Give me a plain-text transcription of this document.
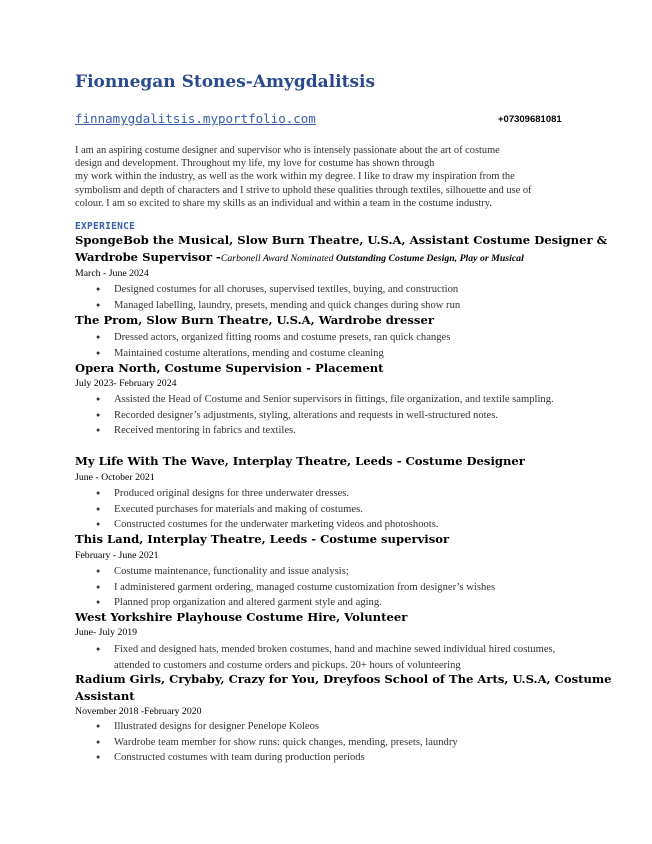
Fionnegan Stones-Amygdalitsis
finnamygdalitsis.myportfolio.com	+07309681081
I am an aspiring costume designer and supervisor who is intensely passionate about the art of costume
design and development. Throughout my life, my love for costume has shown through
my work within the industry, as well as the work within my degree. I like to draw my inspiration from the
symbolism and depth of characters and I strive to uphold these qualities through textiles, silhouette and use of
colour. I am so excited to share my skills as an individual and within a team in the costume industry.
EXPERIENCE
SpongeBob the Musical, Slow Burn Theatre, U.S.A, Assistant Costume Designer &
Wardrobe Supervisor -Carbonell Award Nominated Outstanding Costume Design, Play or Musical
March - June 2024
● Designed costumes for all choruses, supervised textiles, buying, and construction
● Managed labelling, laundry, presets, mending and quick changes during show run
The Prom, Slow Burn Theatre, U.S.A, Wardrobe dresser
● Dressed actors, organized fitting rooms and costume presets, ran quick changes
● Maintained costume alterations, mending and costume cleaning
Opera North, Costume Supervision - Placement
July 2023- February 2024
● Assisted the Head of Costume and Senior supervisors in fittings, file organization, and textile sampling.
● Recorded designer’s adjustments, styling, alterations and requests in well-structured notes.
● Received mentoring in fabrics and textiles.
My Life With The Wave, Interplay Theatre, Leeds - Costume Designer
June - October 2021
● Produced original designs for three underwater dresses.
● Executed purchases for materials and making of costumes.
● Constructed costumes for the underwater marketing videos and photoshoots.
This Land, Interplay Theatre, Leeds - Costume supervisor
February - June 2021
● Costume maintenance, functionality and issue analysis;
● I administered garment ordering, managed costume customization from designer’s wishes
● Planned prop organization and altered garment style and aging.
West Yorkshire Playhouse Costume Hire, Volunteer
June- July 2019
● Fixed and designed hats, mended broken costumes, hand and machine sewed individual hired costumes, attended to customers and costume orders and pickups. 20+ hours of volunteering
Radium Girls, Crybaby, Crazy for You, Dreyfoos School of The Arts, U.S.A, Costume
Assistant
November 2018 -February 2020
● Illustrated designs for designer Penelope Koleos
● Wardrobe team member for show runs: quick changes, mending, presets, laundry
● Constructed costumes with team during production periods
